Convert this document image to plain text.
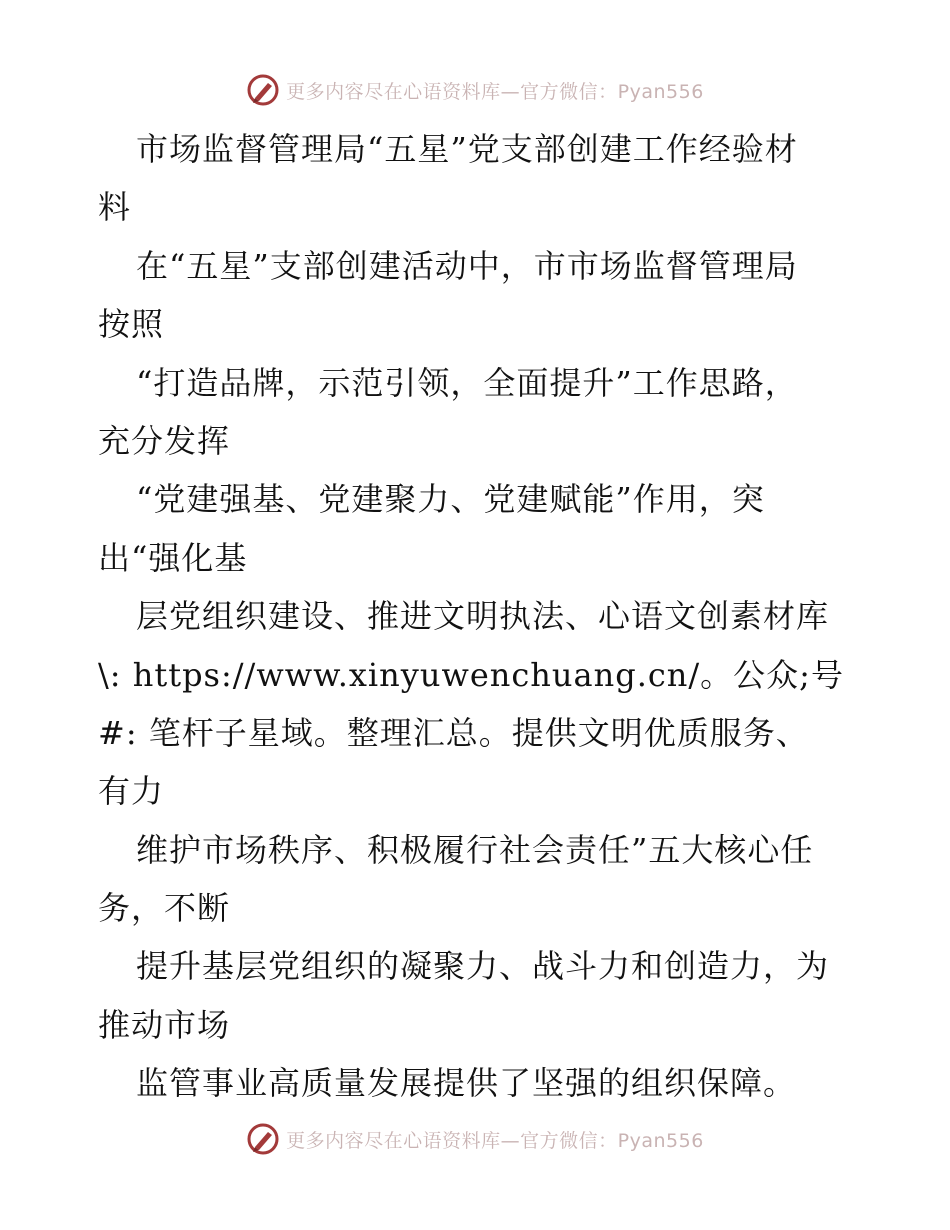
更多内容尽在心语资料库—官方微信：Pyan556
市场监督管理局“五星”党支部创建工作经验材
料
在“五星”支部创建活动中，市市场监督管理局
按照
“打造品牌，示范引领，全面提升”工作思路，
充分发挥
“党建强基、党建聚力、党建赋能”作用，突
出“强化基
层党组织建设、推进文明执法、心语文创素材库
\: https://www.xinyuwenchuang.cn/。公众;号
#: 笔杆子星域。整理汇总。提供文明优质服务、
有力
维护市场秩序、积极履行社会责任”五大核心任
务，不断
提升基层党组织的凝聚力、战斗力和创造力，为
推动市场
监管事业高质量发展提供了坚强的组织保障。
更多内容尽在心语资料库—官方微信：Pyan556
